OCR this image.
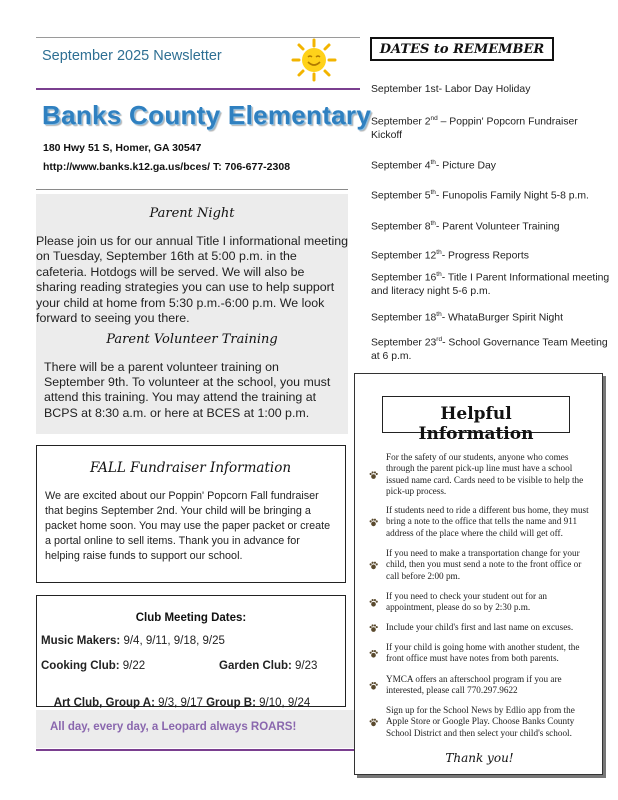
September 2025 Newsletter
Banks County Elementary
180 Hwy 51 S, Homer, GA 30547
http://www.banks.k12.ga.us/bces/ T: 706-677-2308
Parent Night
Please join us for our annual Title I informational meeting on Tuesday, September 16th at 5:00 p.m. in the cafeteria. Hotdogs will be served. We will also be sharing reading strategies you can use to help support your child at home from 5:30 p.m.-6:00 p.m. We look forward to seeing you there.
Parent Volunteer Training
There will be a parent volunteer training on September 9th. To volunteer at the school, you must attend this training. You may attend the training at BCPS at 8:30 a.m. or here at BCES at 1:00 p.m.
FALL Fundraiser Information
We are excited about our Poppin' Popcorn Fall fundraiser that begins September 2nd. Your child will be bringing a packet home soon. You may use the paper packet or create a portal online to sell items. Thank you in advance for helping raise funds to support our school.
Club Meeting Dates:
Music Makers: 9/4, 9/11, 9/18, 9/25
Cooking Club: 9/22	Garden Club: 9/23

Art Club, Group A: 9/3, 9/17 Group B: 9/10, 9/24

All day, every day, a Leopard always ROARS!
DATES to REMEMBER
September 1st- Labor Day Holiday
September 2nd – Poppin' Popcorn Fundraiser Kickoff
September 4th- Picture Day
September 5th- Funopolis Family Night 5-8 p.m.
September 8th- Parent Volunteer Training
September 12th- Progress Reports
September 16th- Title I Parent Informational meeting and literacy night 5-6 p.m.
September 18th- WhataBurger Spirit Night
September 23rd- School Governance Team Meeting at 6 p.m.
Helpful Information
For the safety of our students, anyone who comes through the parent pick-up line must have a school issued name card. Cards need to be visible to help the pick-up process.
If students need to ride a different bus home, they must bring a note to the office that tells the name and 911 address of the place where the child will get off.
If you need to make a transportation change for your child, then you must send a note to the front office or call before 2:00 pm.
If you need to check your student out for an appointment, please do so by 2:30 p.m.
Include your child's first and last name on excuses.
If your child is going home with another student, the front office must have notes from both parents.
YMCA offers an afterschool program if you are interested, please call 770.297.9622
Sign up for the School News by Edlio app from the Apple Store or Google Play. Choose Banks County School District and then select your child's school.
Thank you!
